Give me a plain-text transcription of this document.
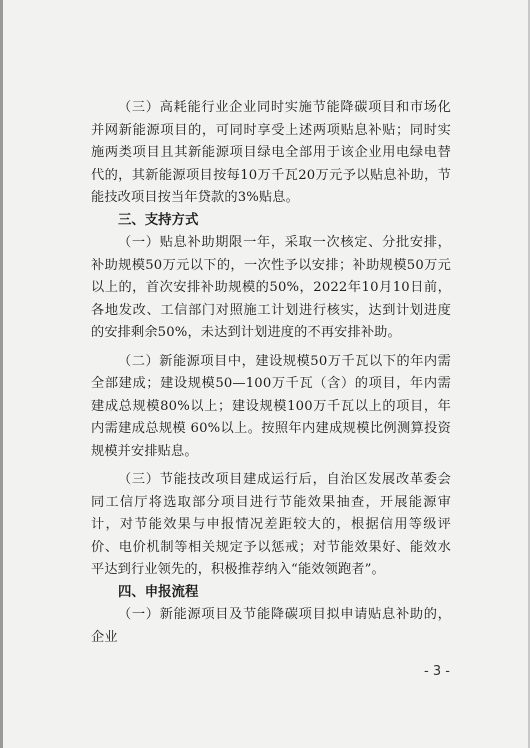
（三）高耗能行业企业同时实施节能降碳项目和市场化并网新能源项目的，可同时享受上述两项贴息补贴；同时实施两类项目且其新能源项目绿电全部用于该企业用电绿电替代的，其新能源项目按每10万千瓦20万元予以贴息补助，节能技改项目按当年贷款的3%贴息。

三、支持方式

（一）贴息补助期限一年，采取一次核定、分批安排，补助规模50万元以下的，一次性予以安排；补助规模50万元以上的，首次安排补助规模的50%，2022年10月10日前，各地发改、工信部门对照施工计划进行核实，达到计划进度的安排剩余50%，未达到计划进度的不再安排补助。

（二）新能源项目中，建设规模50万千瓦以下的年内需全部建成；建设规模50—100万千瓦（含）的项目，年内需建成总规模80%以上；建设规模100万千瓦以上的项目，年内需建成总规模 60%以上。按照年内建成规模比例测算投资规模并安排贴息。

（三）节能技改项目建成运行后，自治区发展改革委会同工信厅将选取部分项目进行节能效果抽查，开展能源审计，对节能效果与申报情况差距较大的，根据信用等级评价、电价机制等相关规定予以惩戒；对节能效果好、能效水平达到行业领先的，积极推荐纳入“能效领跑者”。

四、申报流程

（一）新能源项目及节能降碳项目拟申请贴息补助的，企业

- 3 -
